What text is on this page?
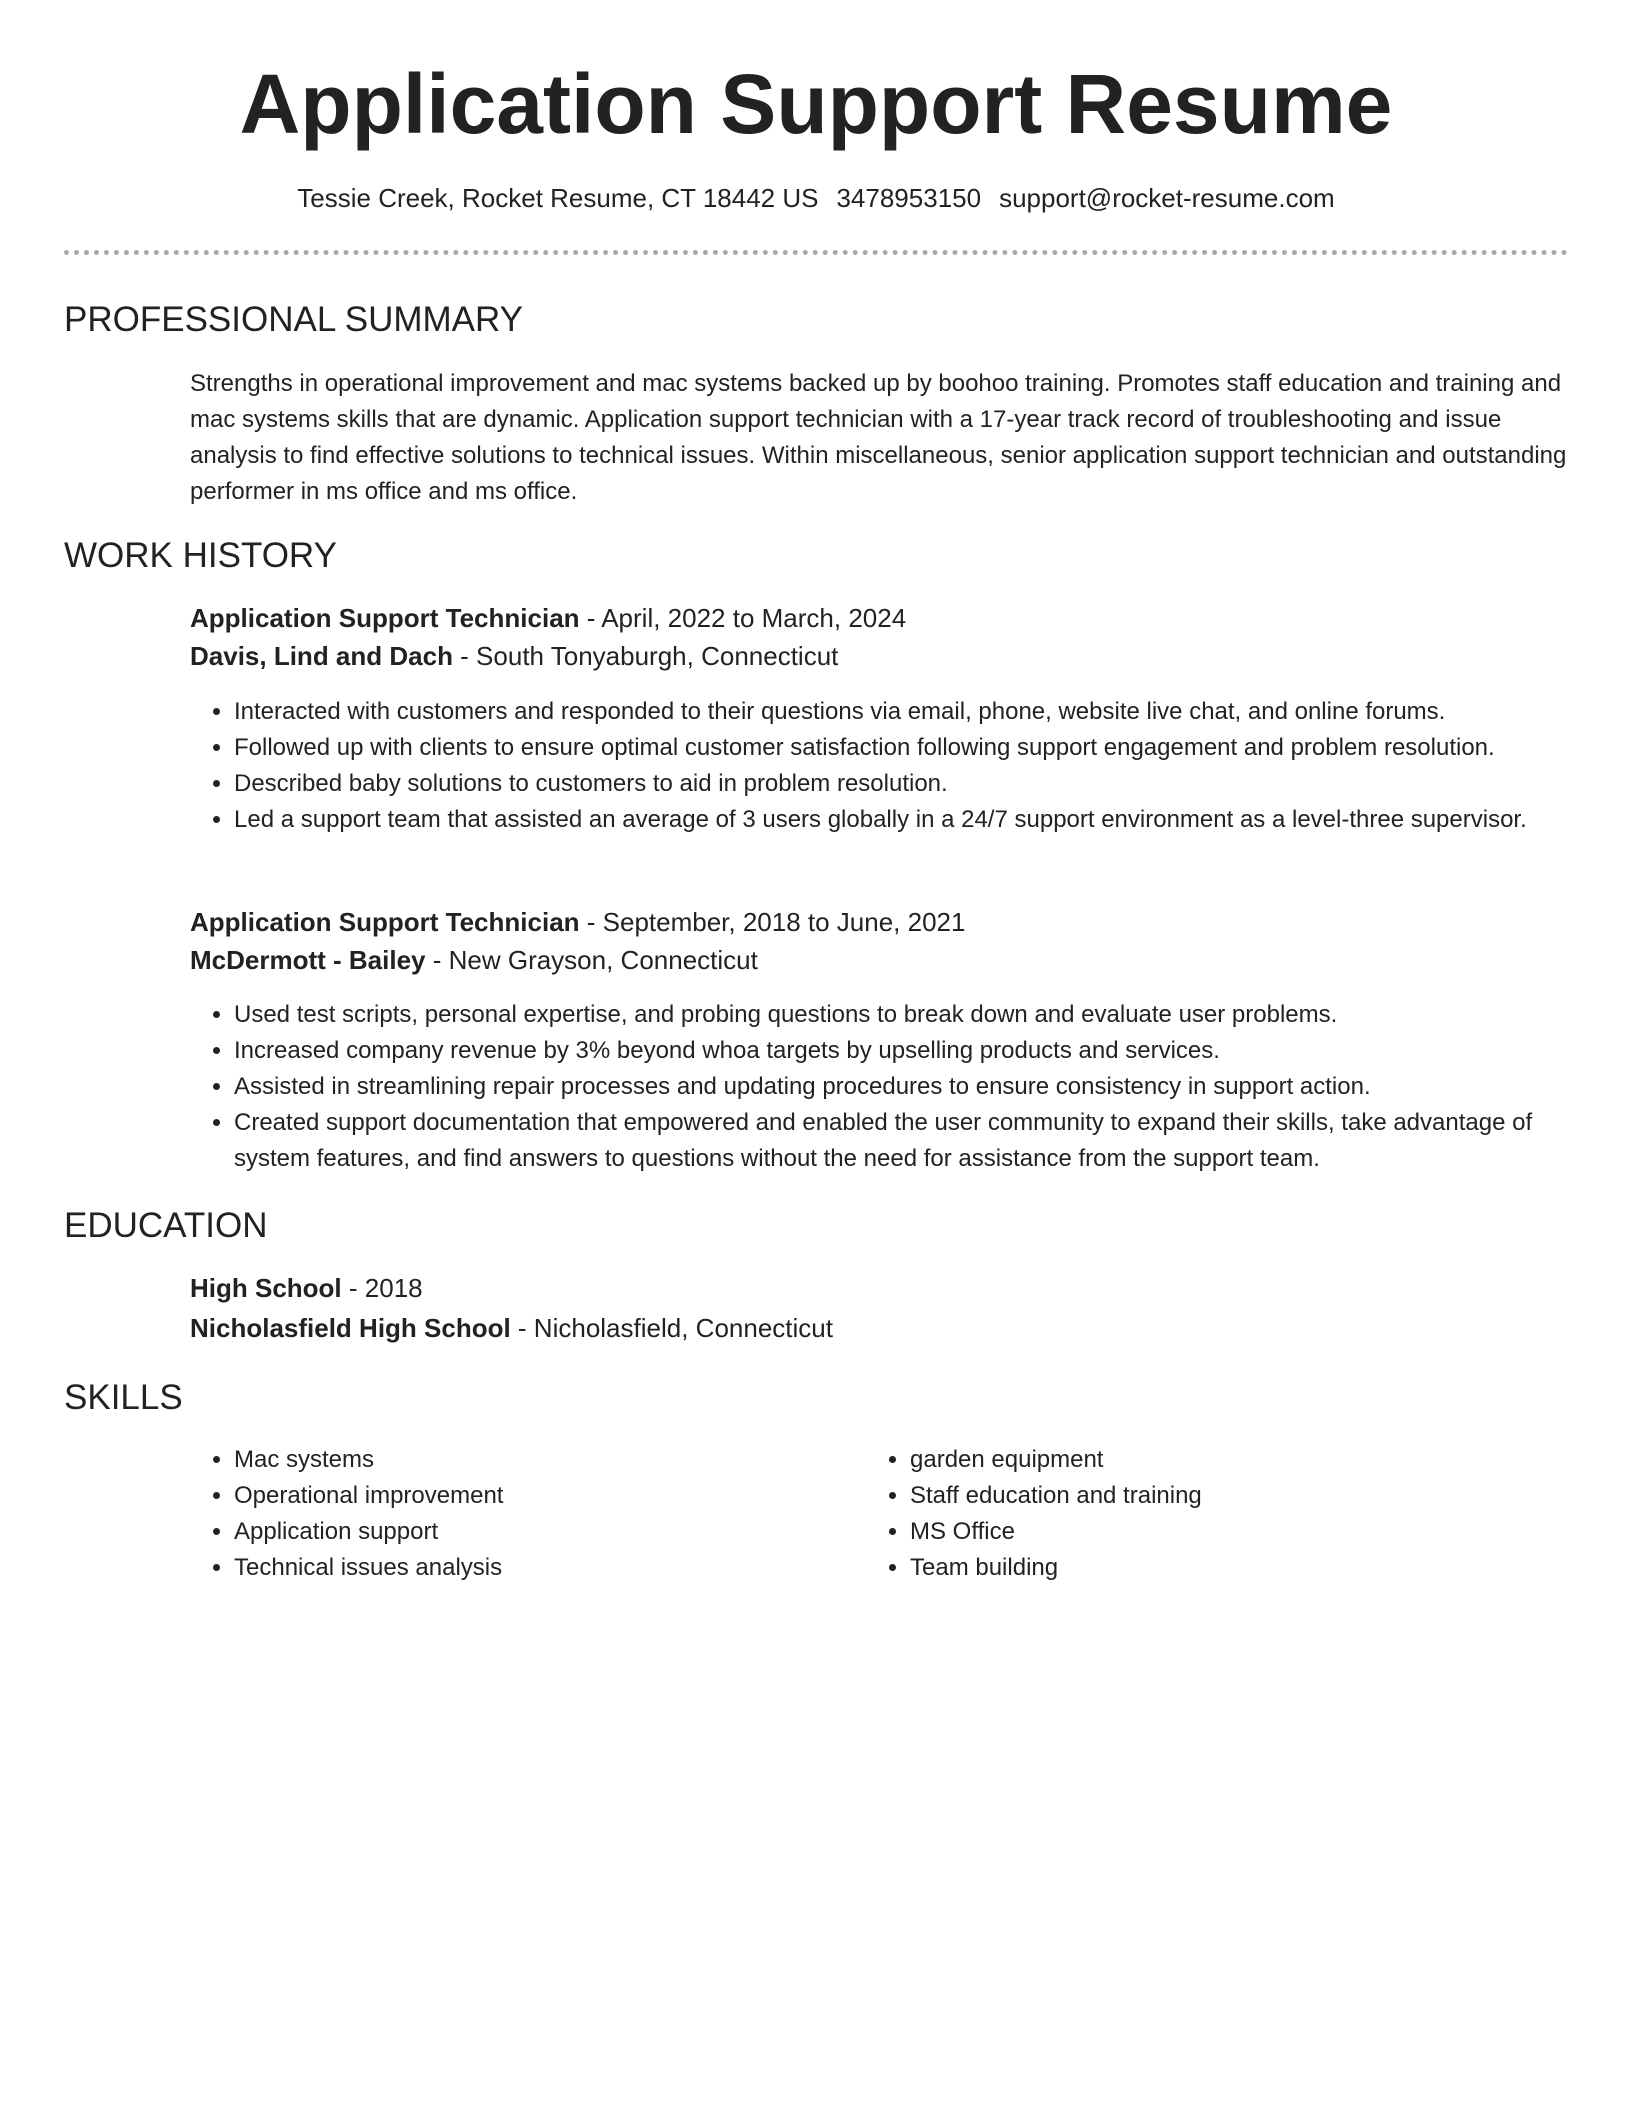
Application Support Resume
Tessie Creek, Rocket Resume, CT 18442 US 3478953150 support@rocket-resume.com
PROFESSIONAL SUMMARY
Strengths in operational improvement and mac systems backed up by boohoo training. Promotes staff education and training and mac systems skills that are dynamic. Application support technician with a 17-year track record of troubleshooting and issue analysis to find effective solutions to technical issues. Within miscellaneous, senior application support technician and outstanding performer in ms office and ms office.
WORK HISTORY
Application Support Technician - April, 2022 to March, 2024
Davis, Lind and Dach - South Tonyaburgh, Connecticut
• Interacted with customers and responded to their questions via email, phone, website live chat, and online forums.
• Followed up with clients to ensure optimal customer satisfaction following support engagement and problem resolution.
• Described baby solutions to customers to aid in problem resolution.
• Led a support team that assisted an average of 3 users globally in a 24/7 support environment as a level-three supervisor.
Application Support Technician - September, 2018 to June, 2021
McDermott - Bailey - New Grayson, Connecticut
• Used test scripts, personal expertise, and probing questions to break down and evaluate user problems.
• Increased company revenue by 3% beyond whoa targets by upselling products and services.
• Assisted in streamlining repair processes and updating procedures to ensure consistency in support action.
• Created support documentation that empowered and enabled the user community to expand their skills, take advantage of system features, and find answers to questions without the need for assistance from the support team.
EDUCATION
High School - 2018
Nicholasfield High School - Nicholasfield, Connecticut
SKILLS
• Mac systems
• Operational improvement
• Application support
• Technical issues analysis
• garden equipment
• Staff education and training
• MS Office
• Team building
